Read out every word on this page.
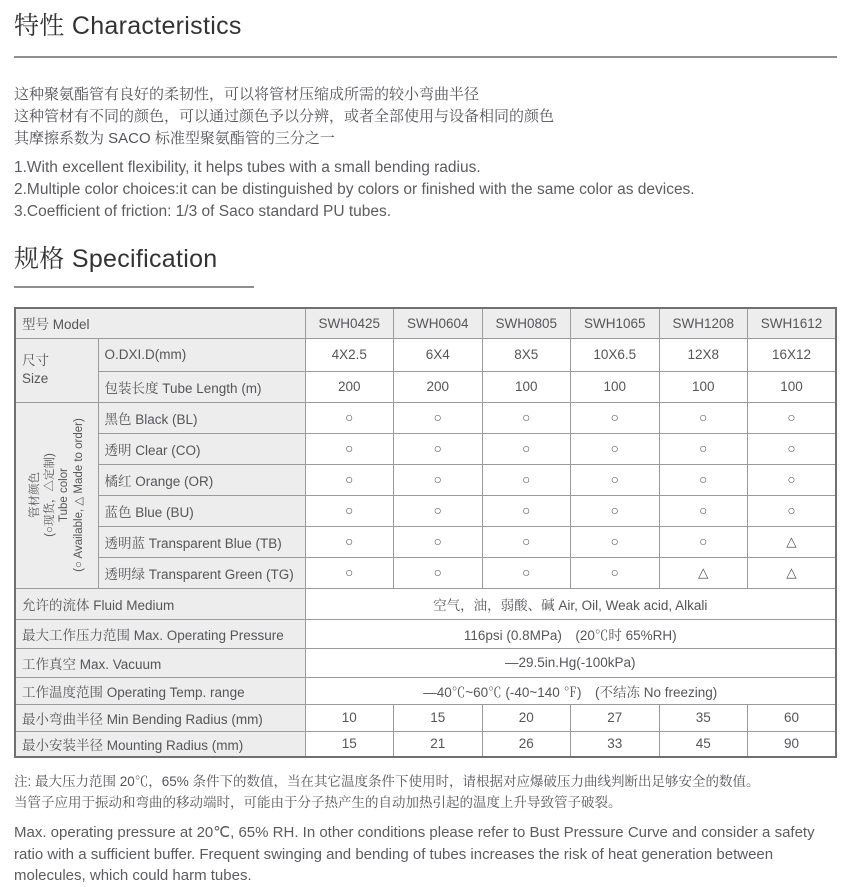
特性 Characteristics
这种聚氨酯管有良好的柔韧性，可以将管材压缩成所需的较小弯曲半径
这种管材有不同的颜色，可以通过颜色予以分辨，或者全部使用与设备相同的颜色
其摩擦系数为 SACO 标准型聚氨酯管的三分之一
1.With excellent flexibility, it helps tubes with a small bending radius.
2.Multiple color choices:it can be distinguished by colors or finished with the same color as devices.
3.Coefficient of friction: 1/3 of Saco standard PU tubes.
规格 Specification
型号 Model		SWH0425	SWH0604	SWH0805	SWH1065	SWH1208	SWH1612

尺寸
Size	O.DXI.D(mm)	4X2.5	6X4	8X5	10X6.5	12X8	16X12
	包装长度 Tube Length (m)	200	200	100	100	100	100

管材颜色 (○现货，△定制) Tube color (○ Available, △ Made to order)	黑色 Black (BL)	○	○	○	○	○	○
	透明 Clear (CO)	○	○	○	○	○	○
	橘红 Orange (OR)	○	○	○	○	○	○
	蓝色 Blue (BU)	○	○	○	○	○	○
	透明蓝 Transparent Blue (TB)	○	○	○	○	○	△
	透明绿 Transparent Green (TG)	○	○	○	○	△	△
允许的流体 Fluid Medium		空气，油，弱酸、碱 Air, Oil, Weak acid, Alkali					
最大工作压力范围 Max. Operating Pressure		116psi (0.8MPa)　(20℃时 65%RH)					
工作真空 Max. Vacuum		—29.5in.Hg(-100kPa)					
工作温度范围 Operating Temp. range		—40℃~60℃ (-40~140 ℉)　(不结冻 No freezing)					
最小弯曲半径 Min Bending Radius (mm)		10	15	20	27	35	60
最小安装半径 Mounting Radius (mm)		15	21	26	33	45	90
注: 最大压力范围 20℃，65% 条件下的数值，当在其它温度条件下使用时，请根据对应爆破压力曲线判断出足够安全的数值。
当管子应用于振动和弯曲的移动端时，可能由于分子热产生的自动加热引起的温度上升导致管子破裂。
Max. operating pressure at 20℃, 65% RH. In other conditions please refer to Bust Pressure Curve and consider a safety ratio with a sufficient buffer. Frequent swinging and bending of tubes increases the risk of heat generation between molecules, which could harm tubes.
